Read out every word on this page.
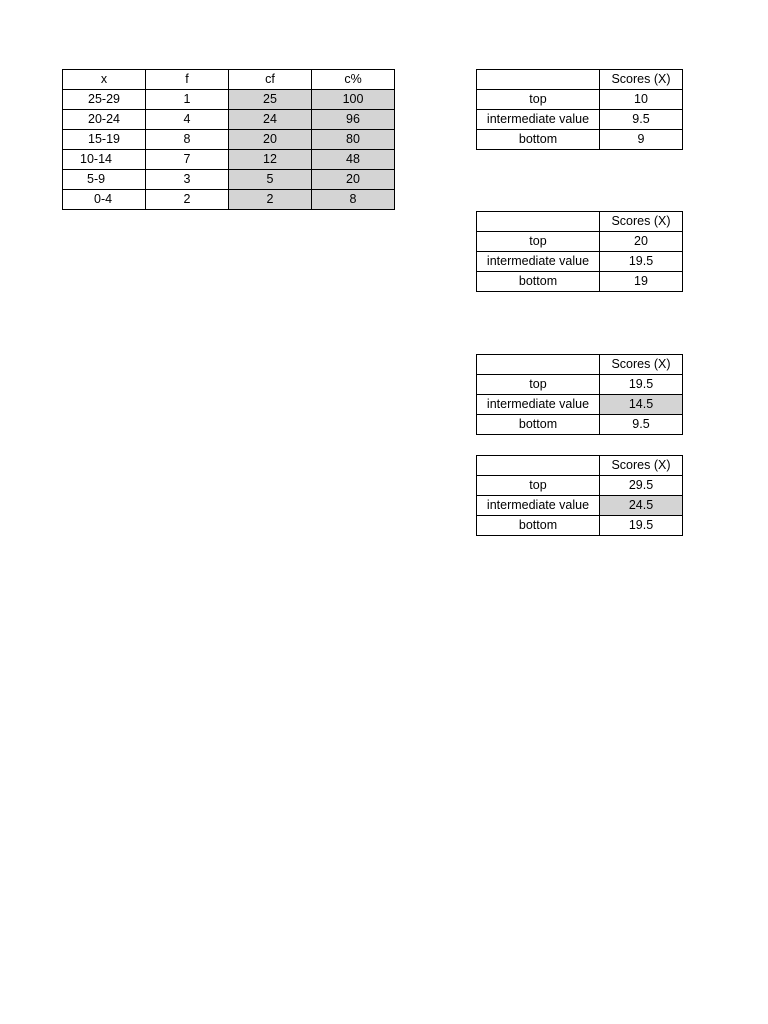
x	f	cf	c%
25-29	1	25	100
20-24	4	24	96
15-19	8	20	80
10-14	7	12	48
5-9	3	5	20
0-4	2	2	8
	Scores (X)
top	10
intermediate value	9.5
bottom	9
	Scores (X)
top	20
intermediate value	19.5
bottom	19
	Scores (X)
top	19.5
intermediate value	14.5
bottom	9.5
	Scores (X)
top	29.5
intermediate value	24.5
bottom	19.5
